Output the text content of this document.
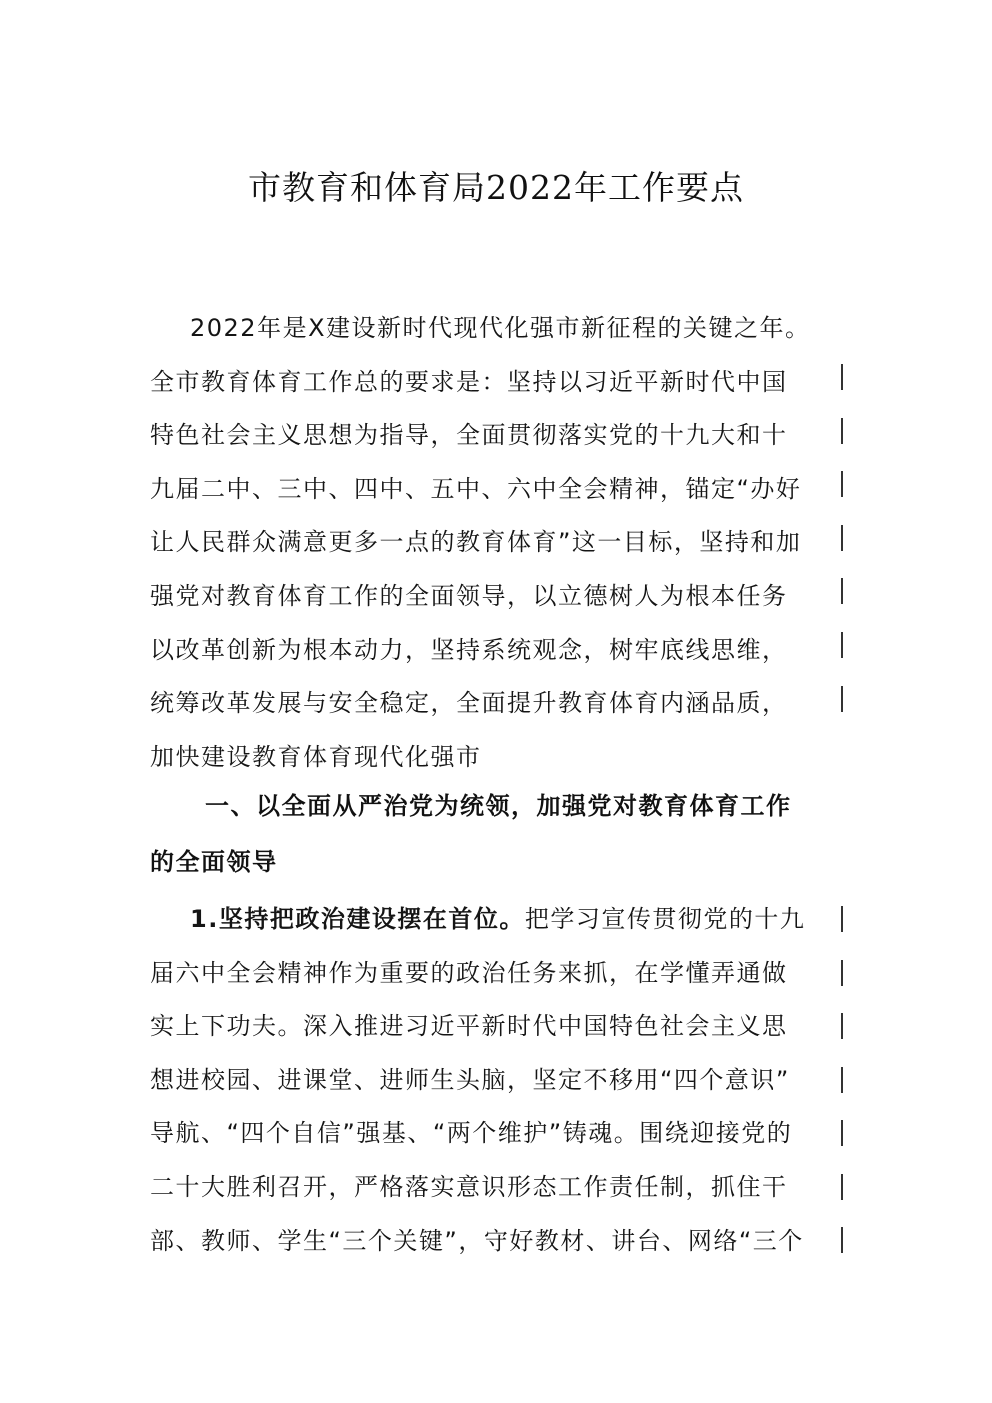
市教育和体育局2022年工作要点
2022年是X建设新时代现代化强市新征程的关键之年。
全市教育体育工作总的要求是：坚持以习近平新时代中国
特色社会主义思想为指导，全面贯彻落实党的十九大和十
九届二中、三中、四中、五中、六中全会精神，锚定“办好
让人民群众满意更多一点的教育体育”这一目标，坚持和加
强党对教育体育工作的全面领导，以立德树人为根本任务
以改革创新为根本动力，坚持系统观念，树牢底线思维，
统筹改革发展与安全稳定，全面提升教育体育内涵品质，
加快建设教育体育现代化强市
一、以全面从严治党为统领，加强党对教育体育工作
的全面领导
1.坚持把政治建设摆在首位。把学习宣传贯彻党的十九
届六中全会精神作为重要的政治任务来抓，在学懂弄通做
实上下功夫。深入推进习近平新时代中国特色社会主义思
想进校园、进课堂、进师生头脑，坚定不移用“四个意识”
导航、“四个自信”强基、“两个维护”铸魂。围绕迎接党的
二十大胜利召开，严格落实意识形态工作责任制，抓住干
部、教师、学生“三个关键”，守好教材、讲台、网络“三个
